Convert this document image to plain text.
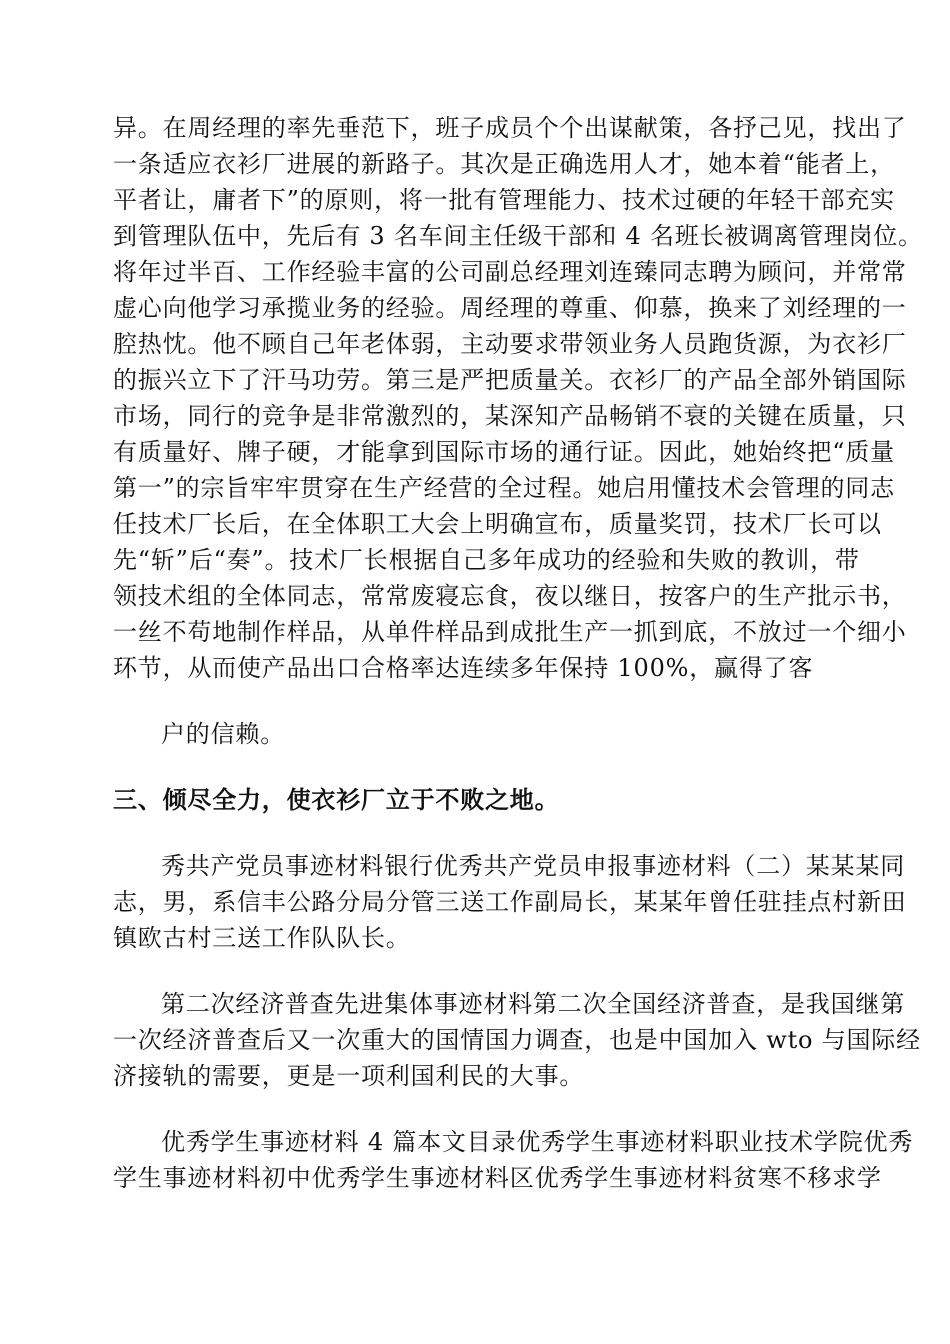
异。在周经理的率先垂范下，班子成员个个出谋献策，各抒己见，找出了
一条适应衣衫厂进展的新路子。其次是正确选用人才，她本着“能者上，
平者让，庸者下”的原则，将一批有管理能力、技术过硬的年轻干部充实
到管理队伍中，先后有 3 名车间主任级干部和 4 名班长被调离管理岗位。
将年过半百、工作经验丰富的公司副总经理刘连臻同志聘为顾问，并常常
虚心向他学习承揽业务的经验。周经理的尊重、仰慕，换来了刘经理的一
腔热忱。他不顾自己年老体弱，主动要求带领业务人员跑货源，为衣衫厂
的振兴立下了汗马功劳。第三是严把质量关。衣衫厂的产品全部外销国际
市场，同行的竞争是非常激烈的，某深知产品畅销不衰的关键在质量，只
有质量好、牌子硬，才能拿到国际市场的通行证。因此，她始终把“质量
第一”的宗旨牢牢贯穿在生产经营的全过程。她启用懂技术会管理的同志
任技术厂长后，在全体职工大会上明确宣布，质量奖罚，技术厂长可以
先“斩”后“奏”。技术厂长根据自己多年成功的经验和失败的教训，带
领技术组的全体同志，常常废寝忘食，夜以继日，按客户的生产批示书，
一丝不苟地制作样品，从单件样品到成批生产一抓到底，不放过一个细小
环节，从而使产品出口合格率达连续多年保持 100%，赢得了客
户的信赖。
三、倾尽全力，使衣衫厂立于不败之地。
秀共产党员事迹材料银行优秀共产党员申报事迹材料（二）某某某同
志，男，系信丰公路分局分管三送工作副局长，某某年曾任驻挂点村新田
镇欧古村三送工作队队长。
第二次经济普查先进集体事迹材料第二次全国经济普查，是我国继第
一次经济普查后又一次重大的国情国力调查，也是中国加入 wto 与国际经
济接轨的需要，更是一项利国利民的大事。
优秀学生事迹材料 4 篇本文目录优秀学生事迹材料职业技术学院优秀
学生事迹材料初中优秀学生事迹材料区优秀学生事迹材料贫寒不移求学
